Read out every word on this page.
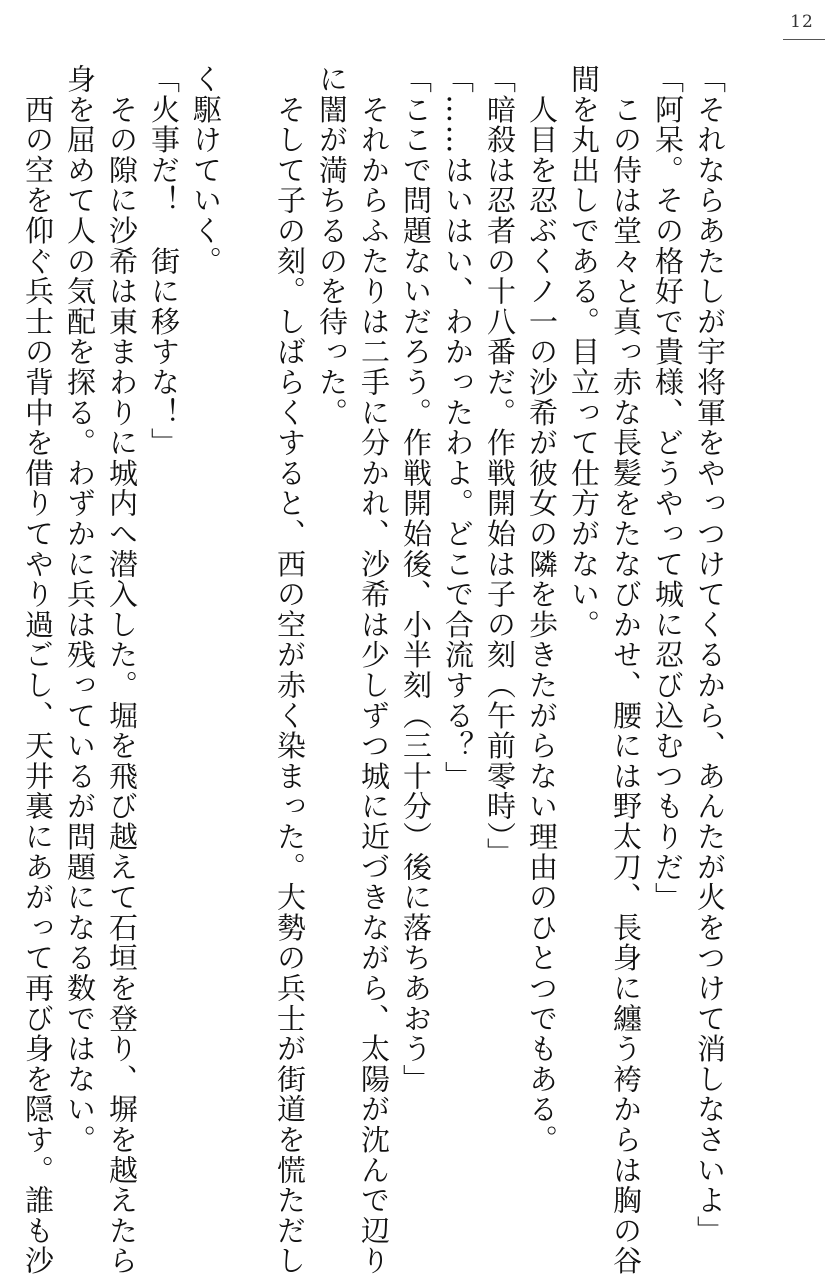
12
「それならあたしが宇将軍をやっつけてくるから、あんたが火をつけて消しなさいよ」
「阿呆。その格好で貴様、どうやって城に忍び込むつもりだ」
　この侍は堂々と真っ赤な長髪をたなびかせ、腰には野太刀、長身に纏う袴からは胸の谷
間を丸出しである。目立って仕方がない。
　人目を忍ぶくノ一の沙希が彼女の隣を歩きたがらない理由のひとつでもある。
「暗殺は忍者の十八番だ。作戦開始は子の刻（午前零時）」
「……はいはい、わかったわよ。どこで合流する？」
「ここで問題ないだろう。作戦開始後、小半刻（三十分）後に落ちあおう」
　それからふたりは二手に分かれ、沙希は少しずつ城に近づきながら、太陽が沈んで辺り
に闇が満ちるのを待った。
　そして子の刻。しばらくすると、西の空が赤く染まった。大勢の兵士が街道を慌ただし
く駆けていく。
「火事だ！　街に移すな！」
　その隙に沙希は東まわりに城内へ潜入した。堀を飛び越えて石垣を登り、塀を越えたら
身を屈めて人の気配を探る。わずかに兵は残っているが問題になる数ではない。
　西の空を仰ぐ兵士の背中を借りてやり過ごし、天井裏にあがって再び身を隠す。誰も沙
